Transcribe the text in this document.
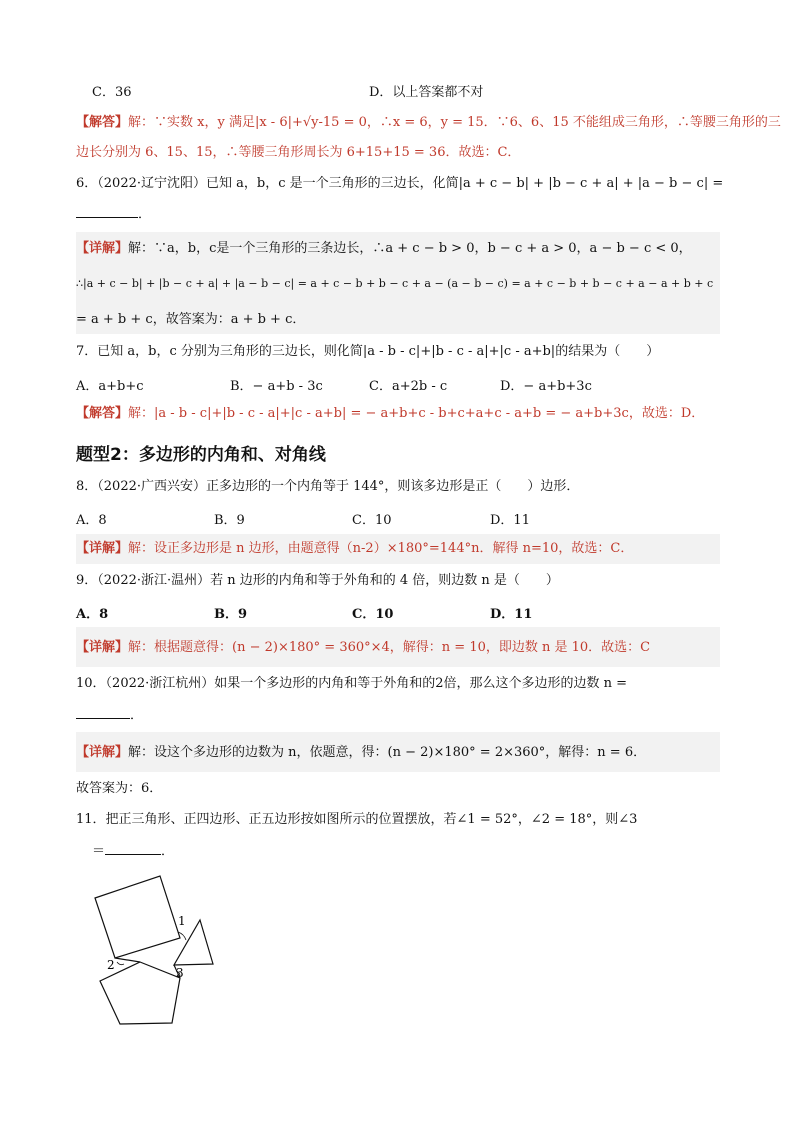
C．36	D．以上答案都不对
【解答】解：∵实数 x，y 满足|x - 6|+√y-15 = 0，∴x = 6，y = 15．∵6、6、15 不能组成三角形，∴等腰三角形的三
边长分别为 6、15、15，∴等腰三角形周长为 6+15+15 = 36．故选：C．
6．（2022·辽宁沈阳）已知 a，b，c 是一个三角形的三边长，化简|a + c − b| + |b − c + a| + |a − b − c| =
．
【详解】解：∵a，b，c是一个三角形的三条边长，∴a + c − b > 0，b − c + a > 0，a − b − c < 0，
∴|a + c − b| + |b − c + a| + |a − b − c| = a + c − b + b − c + a − (a − b − c) = a + c − b + b − c + a − a + b + c
= a + b + c，故答案为：a + b + c．
7．已知 a，b，c 分别为三角形的三边长，则化简|a - b - c|+|b - c - a|+|c - a+b|的结果为（　　）
A．a+b+c	B．− a+b - 3c	C．a+2b - c	D．− a+b+3c
【解答】解：|a - b - c|+|b - c - a|+|c - a+b| = − a+b+c - b+c+a+c - a+b = − a+b+3c，故选：D．
题型2：多边形的内角和、对角线
8．（2022·广西兴安）正多边形的一个内角等于 144°，则该多边形是正（　　）边形．
A．8	B．9	C．10	D．11
【详解】解：设正多边形是 n 边形，由题意得（n-2）×180°=144°n．解得 n=10，故选：C．
9．（2022·浙江·温州）若 n 边形的内角和等于外角和的 4 倍，则边数 n 是（　　）
A．8	B．9	C．10	D．11
【详解】解：根据题意得：(n − 2)×180° = 360°×4，解得：n = 10，即边数 n 是 10．故选：C
10．（2022·浙江杭州）如果一个多边形的内角和等于外角和的2倍，那么这个多边形的边数 n =
．
【详解】解：设这个多边形的边数为 n，依题意，得：(n − 2)×180° = 2×360°，解得：n = 6．
故答案为：6．
11．把正三角形、正四边形、正五边形按如图所示的位置摆放，若∠1 = 52°，∠2 = 18°，则∠3
＝	．
1
2
3
